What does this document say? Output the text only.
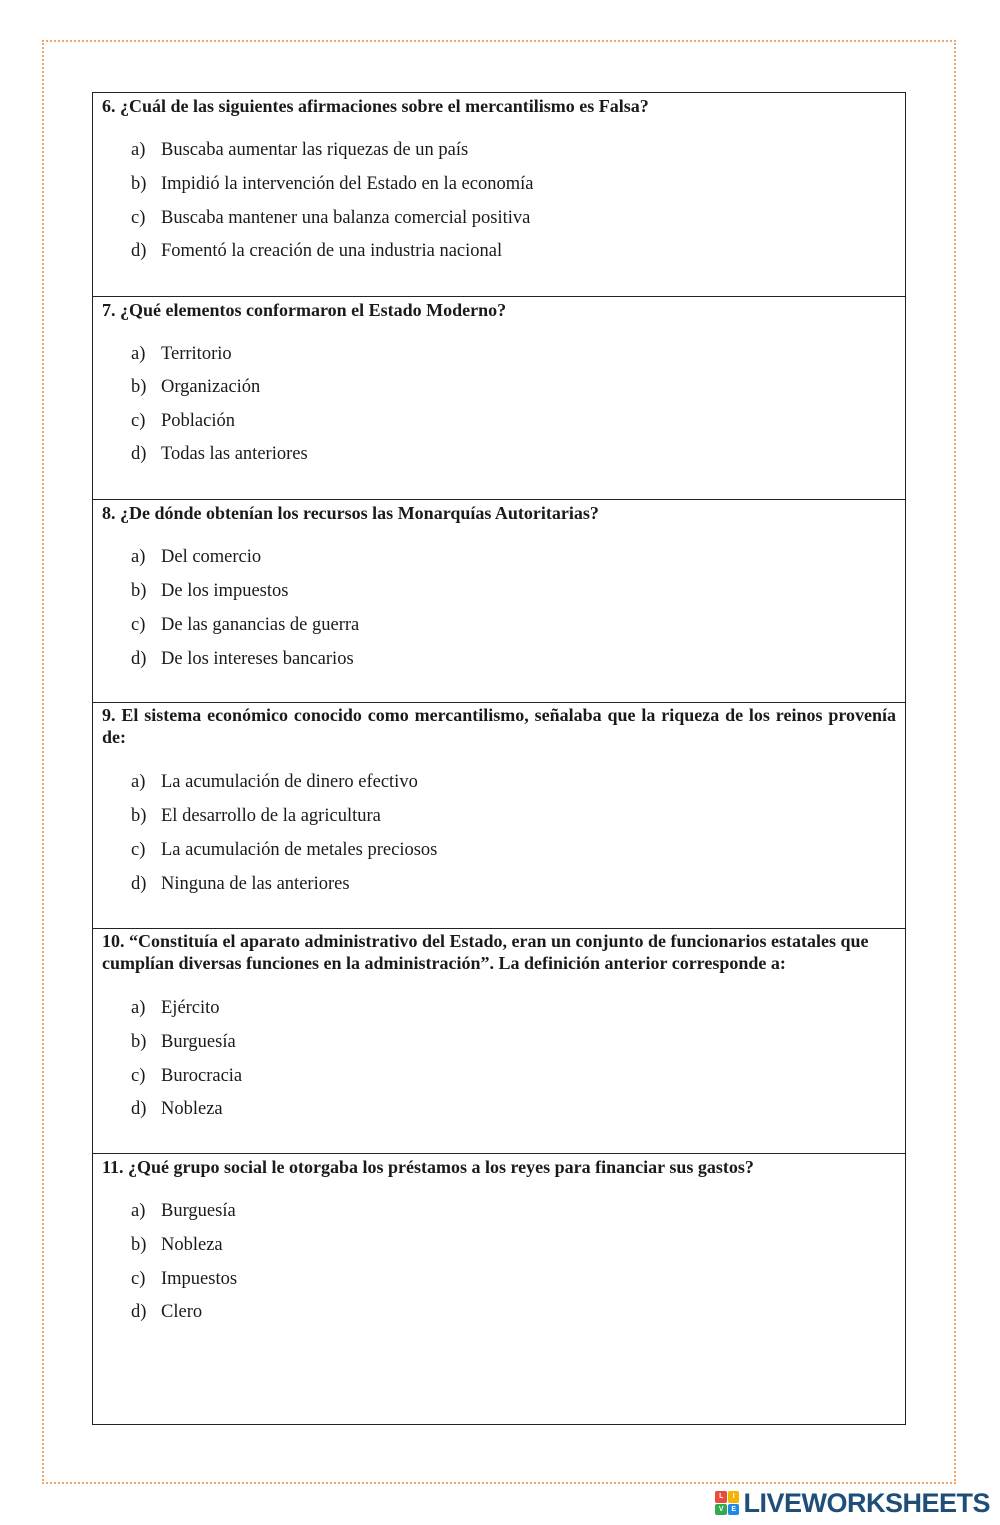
6. ¿Cuál de las siguientes afirmaciones sobre el mercantilismo es Falsa?
a) Buscaba aumentar las riquezas de un país
b) Impidió la intervención del Estado en la economía
c) Buscaba mantener una balanza comercial positiva
d) Fomentó la creación de una industria nacional
7. ¿Qué elementos conformaron el Estado Moderno?
a) Territorio
b) Organización
c) Población
d) Todas las anteriores
8. ¿De dónde obtenían los recursos las Monarquías Autoritarias?
a) Del comercio
b) De los impuestos
c) De las ganancias de guerra
d) De los intereses bancarios
9. El sistema económico conocido como mercantilismo, señalaba que la riqueza de los reinos provenía de:
a) La acumulación de dinero efectivo
b) El desarrollo de la agricultura
c) La acumulación de metales preciosos
d) Ninguna de las anteriores
10. “Constituía el aparato administrativo del Estado, eran un conjunto de funcionarios estatales que cumplían diversas funciones en la administración”. La definición anterior corresponde a:
a) Ejército
b) Burguesía
c) Burocracia
d) Nobleza
11. ¿Qué grupo social le otorgaba los préstamos a los reyes para financiar sus gastos?
a) Burguesía
b) Nobleza
c) Impuestos
d) Clero
L	I
V	E LIVEWORKSHEETS
